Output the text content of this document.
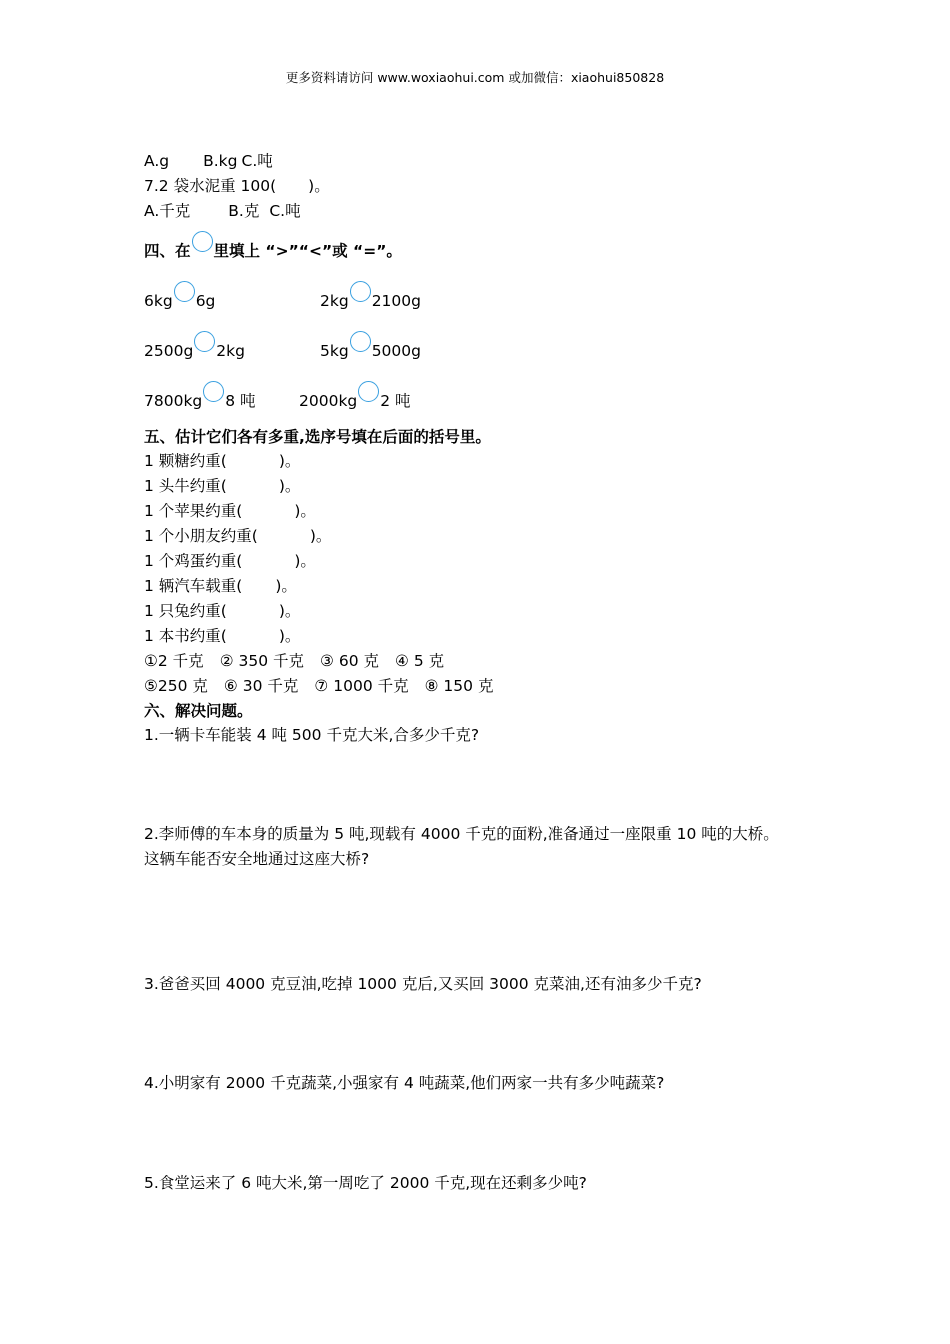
更多资料请访问 www.woxiaohui.com 或加微信：xiaohui850828
A.g B.kg C.吨
7.2 袋水泥重 100( )。
A.千克 B.克 C.吨
四、在 里填上 “>”“<”或 “=”。
6kg 6g	2kg 2100g
2500g 2kg	5kg 5000g
7800kg 8 吨	2000kg 2 吨
五、估计它们各有多重,选序号填在后面的括号里。
1 颗糖约重(	)。
1 头牛约重(	)。
1 个苹果约重(	)。
1 个小朋友约重(	)。
1 个鸡蛋约重(	)。
1 辆汽车载重( )。
1 只兔约重(	)。
1 本书约重(	)。
①2 千克 ② 350 千克 ③ 60 克 ④ 5 克
⑤250 克 ⑥ 30 千克 ⑦ 1000 千克 ⑧ 150 克
六、解决问题。
1.一辆卡车能装 4 吨 500 千克大米,合多少千克?
2.李师傅的车本身的质量为 5 吨,现载有 4000 千克的面粉,准备通过一座限重 10 吨的大桥。
这辆车能否安全地通过这座大桥?
3.爸爸买回 4000 克豆油,吃掉 1000 克后,又买回 3000 克菜油,还有油多少千克?
4.小明家有 2000 千克蔬菜,小强家有 4 吨蔬菜,他们两家一共有多少吨蔬菜?
5.食堂运来了 6 吨大米,第一周吃了 2000 千克,现在还剩多少吨?
